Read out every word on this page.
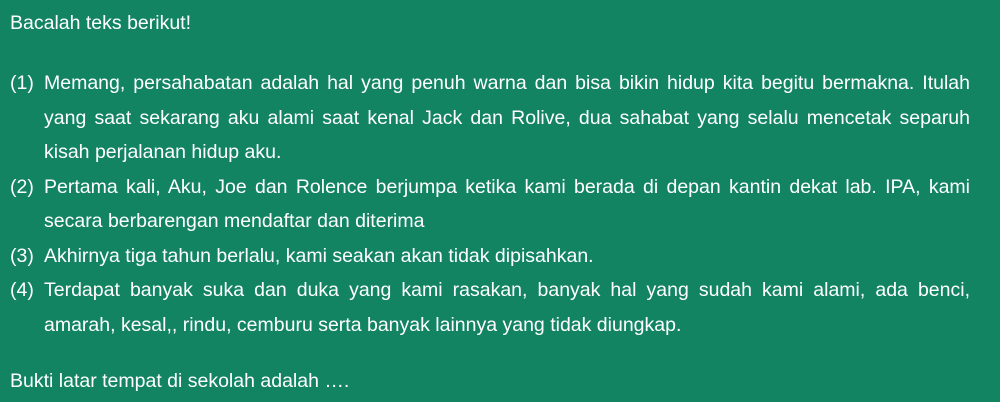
Bacalah teks berikut!
(1) Memang, persahabatan adalah hal yang penuh warna dan bisa bikin hidup kita begitu bermakna. Itulah yang saat sekarang aku alami saat kenal Jack dan Rolive, dua sahabat yang selalu mencetak separuh kisah perjalanan hidup aku.
(2) Pertama kali, Aku, Joe dan Rolence berjumpa ketika kami berada di depan kantin dekat lab. IPA, kami secara berbarengan mendaftar dan diterima
(3) Akhirnya tiga tahun berlalu, kami seakan akan tidak dipisahkan.
(4) Terdapat banyak suka dan duka yang kami rasakan, banyak hal yang sudah kami alami, ada benci, amarah, kesal,, rindu, cemburu serta banyak lainnya yang tidak diungkap.
Bukti latar tempat di sekolah adalah ….
